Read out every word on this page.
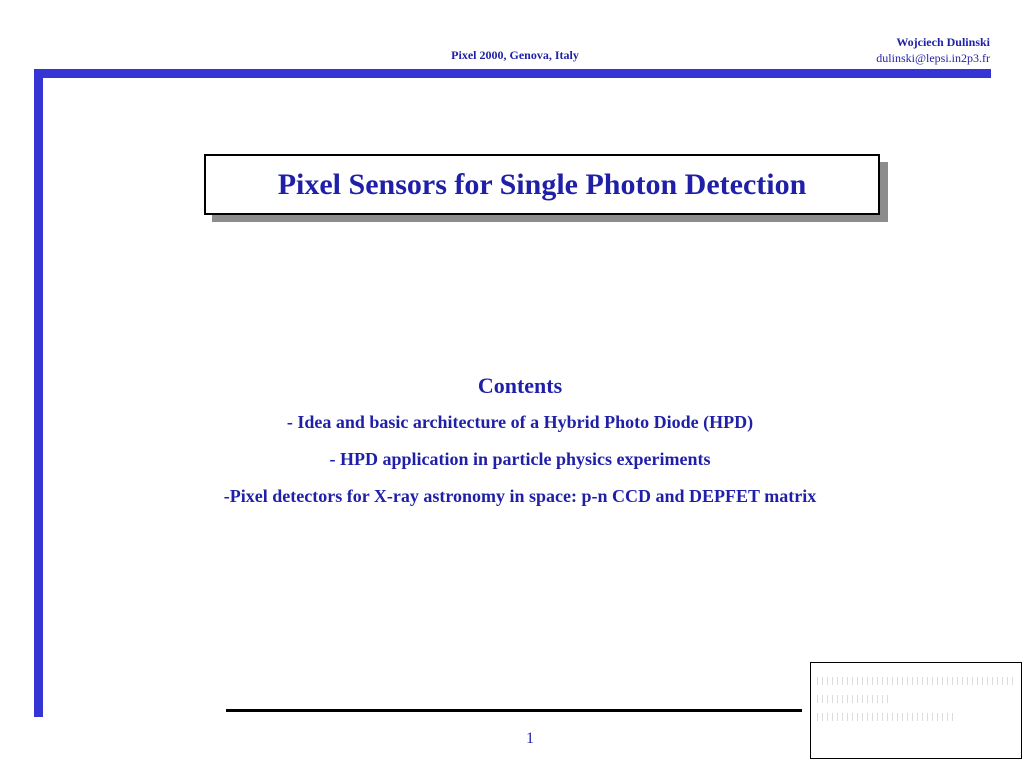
Pixel 2000, Genova, Italy
Wojciech Dulinski
dulinski@lepsi.in2p3.fr
Pixel Sensors for Single Photon Detection
Contents
- Idea and basic architecture of a Hybrid Photo Diode (HPD)
- HPD application in particle physics experiments
-Pixel detectors for X-ray astronomy in space: p-n CCD and DEPFET matrix
1
